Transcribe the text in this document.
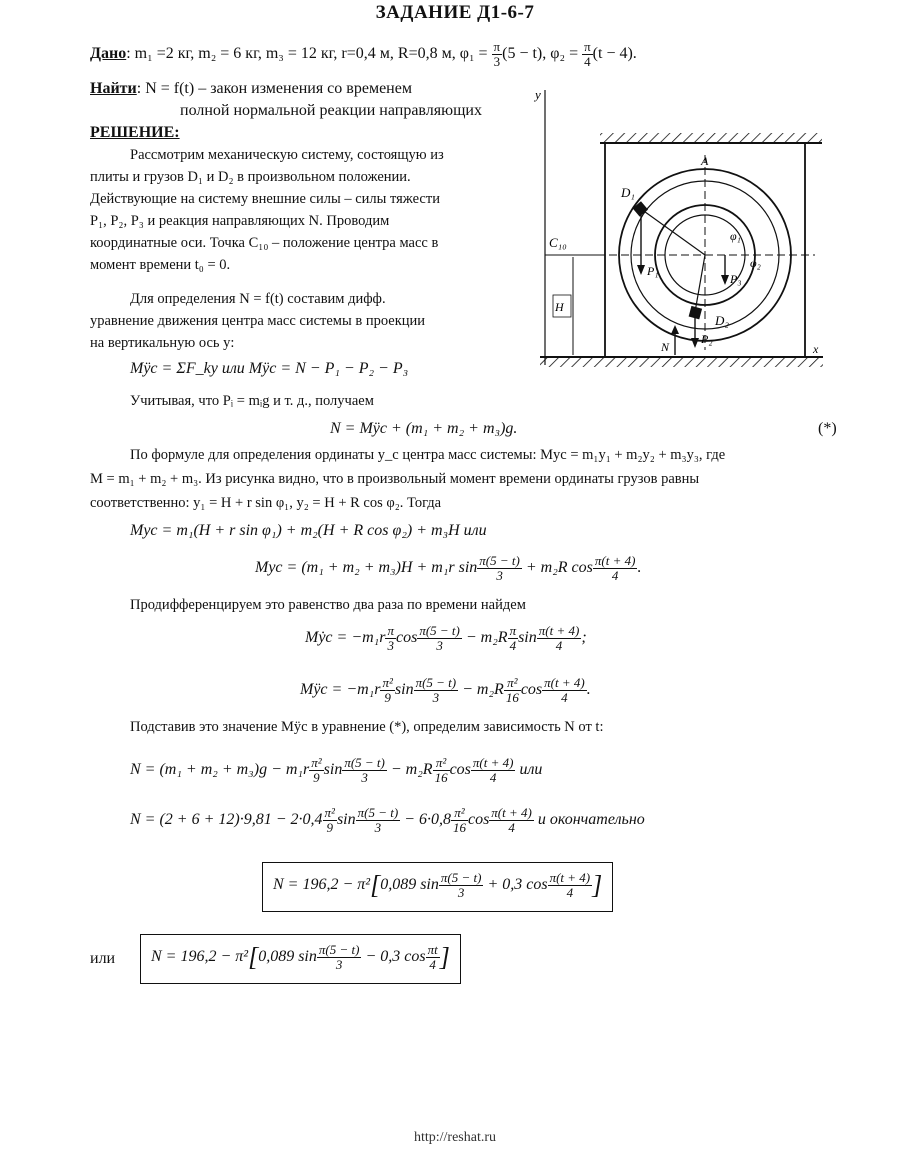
ЗАДАНИЕ Д1-6-7
Дано: m₁ =2 кг, m₂ = 6 кг, m₃ = 12 кг, r=0,4 м, R=0,8 м, $\varphi_1 = \frac{\pi}{3} (5 - t)$, $\varphi_2 = \frac{\pi}{4} (t - 4)$.
Найти: N = f(t) – закон изменения со временем
полной нормальной реакции направляющих
РЕШЕНИЕ:
Рассмотрим механическую систему, состоящую из
плиты и грузов D₁ и D₂ в произвольном положении.
Действующие на систему внешние силы – силы тяжести
P₁, P₂, P₃ и реакция направляющих N. Проводим
координатные оси. Точка C₁₀ – положение центра масс в
момент времени t₀ = 0.
Для определения N = f(t) составим дифф.
уравнение движения центра масс системы в проекции
на вертикальную ось y:
Mÿc = ΣF_ky или Mÿc = N − P₁ − P₂ − P₃
Учитывая, что Pᵢ = mᵢg и т. д., получаем
N = Mÿc + (m₁ + m₂ + m₃)g.	(*)
По формуле для определения ординаты y_c центра масс системы: Myc = m₁y₁ + m₂y₂ + m₃y₃, где
M = m₁ + m₂ + m₃. Из рисунка видно, что в произвольный момент времени ординаты грузов равны
соответственно: y₁ = H + r sin φ₁, y₂ = H + R cos φ₂. Тогда
Myc = m₁(H + r sin φ₁) + m₂(H + R cos φ₂) + m₃H или
Myc = (m₁ + m₂ + m₃)H + m₁r $\sin \frac{\pi(5 - t)}{3} + m_2R$ $\cos \frac{\pi(t + 4)}{4}$ .
Продифференцируем это равенство два раза по времени найдем
Mẏc = $-m_1r \frac{\pi}{3}$ $\cos \frac{\pi(5 - t)}{3} - m_2R \frac{\pi}{4}$ $\sin \frac{\pi(t + 4)}{4}$ ;
Mÿc = $-m_1r \frac{\text{π²}}{9}$ $\sin \frac{\pi(5 - t)}{3} - m_2R \frac{\text{π²}}{16}$ $\cos \frac{\pi(t + 4)}{4}$ .
Подставив это значение Mÿc в уравнение (*), определим зависимость N от t:
$N = (m_1 + m_2 + m_3)g - m_1r \frac{\text{π²}}{9}$ $\sin \frac{\pi(5 - t)}{3} - m_2R \frac{\text{π²}}{16}$ $\cos \frac{\pi(t + 4)}{4}$ или
$N = (2 + 6 + 12)\cdot 9,81 - 2\cdot 0,4 \frac{\text{π²}}{9}$ $\sin \frac{\pi(5 - t)}{3} - 6\cdot 0,8 \frac{\text{π²}}{16}$ $\cos \frac{\pi(t + 4)}{4}$ и окончательно
N = 196,2 − π²[0,089 $\sin \frac{\pi(5 - t)}{3} + 0,3$ $\cos \frac{\pi(t + 4)}{4}$ ]
или	N = 196,2 − π²[0,089 $\sin \frac{\pi(5 - t)}{3} - 0,3$ $\cos \frac{\pi t}{4}$ ]
http://reshat.ru
y
x
C₁₀
H
D₁
D₂
P₁
P₃
P₂
N
φ₁
φ₂
A
